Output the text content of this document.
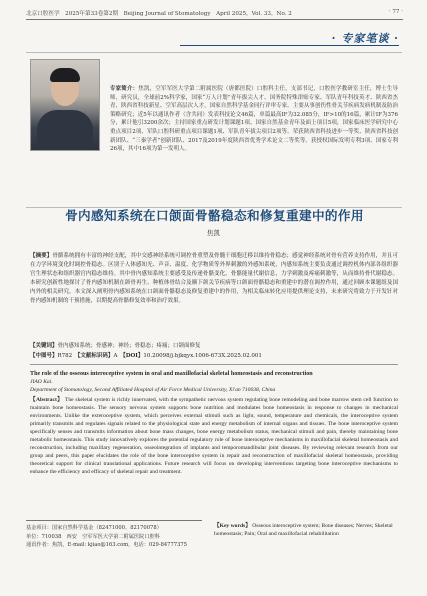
北京口腔医学　2025年第33卷第2期　Beijing Journal of Stomatology　April 2025，Vol. 33，No. 2	· 77 ·
· 专家笔谈 ·
专家简介：焦凯，空军军医大学第二附属医院（唐都医院）口腔科主任，支部书记，口腔医学教研室主任，博士生导师，研究员，全球前2%科学家，国家“万人计划”青年拔尖人才、国务院特殊津贴专家、军队青年科技英才、陕西省杰青，陕西省科技新星、空军高层次人才，国家自然科学基金同行评审专家。主要从事创伤性骨关节疾病发病机制及防治策略研究；近5年以通讯作者（含共同）发表科技论文46篇，单篇最高IF为32.085分，IF>10的16篇，累计IF为376分，累计他引3200余次；主持国家重点研发计划课题1项、国家自然基金青年及面上项目5项，国家临床医学研究中心重点项目2项、军队口腔科研重点项目课题1项、军队青年拔尖项目2项等。荣获陕西省科技进步一等奖、陕西省科技创新团队、“三秦学者”创新团队、2017及2019年度陕西省优秀学术论文二等奖等。获授权国际发明专利3项、国家专利26项，其中16项为第一发明人。
骨内感知系统在口颌面骨骼稳态和修复重建中的作用
焦凯
【摘要】骨骼系统拥有丰富的神经支配，其中交感神经系统可调控骨重塑及骨髓干细胞迁移以维持骨稳态；感觉神经系统对骨有营养支持作用，并且可在力学环境变化时调控骨稳态。区别于人体感知光、声音、温度、化学物质等外界刺激的外感知系统，内感知系统主要负责通过调控机体内部各组织器官生理状态和组织器官内稳态维持。其中骨内感知系统主要感受及传递骨骼变化，骨骼能量代谢信息，力学刺激及疼痛刺激等，从而维持骨代谢稳态。本研究创新性地探讨了骨内感知机制在颌骨再生、种植体骨结合及颞下颌关节疾病等口颌面骨骼稳态和重建中的潜在调控作用，通过回顾本课题组及国内外的相关研究，本文深入阐明骨内感知系统在口颌面骨骼稳态及修复重建中的作用，为相关临床转化应用提供理论支持，未来研究将致力于开发针对骨内感知机制的干预措施，以期提高骨骼修复效率和治疗效果。
【关键词】骨内感知系统；骨感神；神经；骨稳态；疼痛；口颌面修复
【中图号】R782　 【文献标识码】A　 【DOI】10.20098/j.bjkqyx.1006-673X.2025.02.001
The role of the osseous interoceptive system in oral and maxillofacial skeletal homeostasis and reconstruction
JIAO Kai.
Department of Stomatology, Second Affiliated Hospital of Air Force Medical University, Xi'an 710038, China
【Abstract】 The skeletal system is richly innervated, with the sympathetic nervous system regulating bone remodeling and bone marrow stem cell function to maintain bone homeostasis. The sensory nervous system supports bone nutrition and modulates bone homeostasis in response to changes in mechanical environments. Unlike the exteroceptive system, which perceives external stimuli such as light, sound, temperature and chemicals, the interoceptive system primarily transmits and regulates signals related to the physiological state and energy metabolism of internal organs and tissues. The bone interoceptive system specifically senses and transmits information about bone mass changes, bone energy metabolism status, mechanical stimuli and pain, thereby maintaining bone metabolic homeostasis. This study innovatively explores the potential regulatory role of bone interoceptive mechanisms in maxillofacial skeletal homeostasis and reconstruction, including maxillary regeneration, osseointegration of implants and temporomandibular joint diseases. By reviewing relevant research from our group and peers, this paper elucidates the role of the bone interoceptive system in repair and reconstruction of maxillofacial skeletal homeostasis, providing theoretical support for clinical translational applications. Future research will focus on developing interventions targeting bone interoceptive mechanisms to enhance the efficiency and efficacy of skeletal repair and treatment.
基金项目：国家自然科学基金（82471000、82170078）
单位：710038　西安　空军军医大学第二附属医院口腔科
通讯作者：焦凯，E-mail: kjiao@163.com，电话：029-84777375
【Key words】 Osseous interoceptive system; Bone diseases; Nerves; Skeletal homeostasis; Pain; Oral and maxillofacial rehabilitation
